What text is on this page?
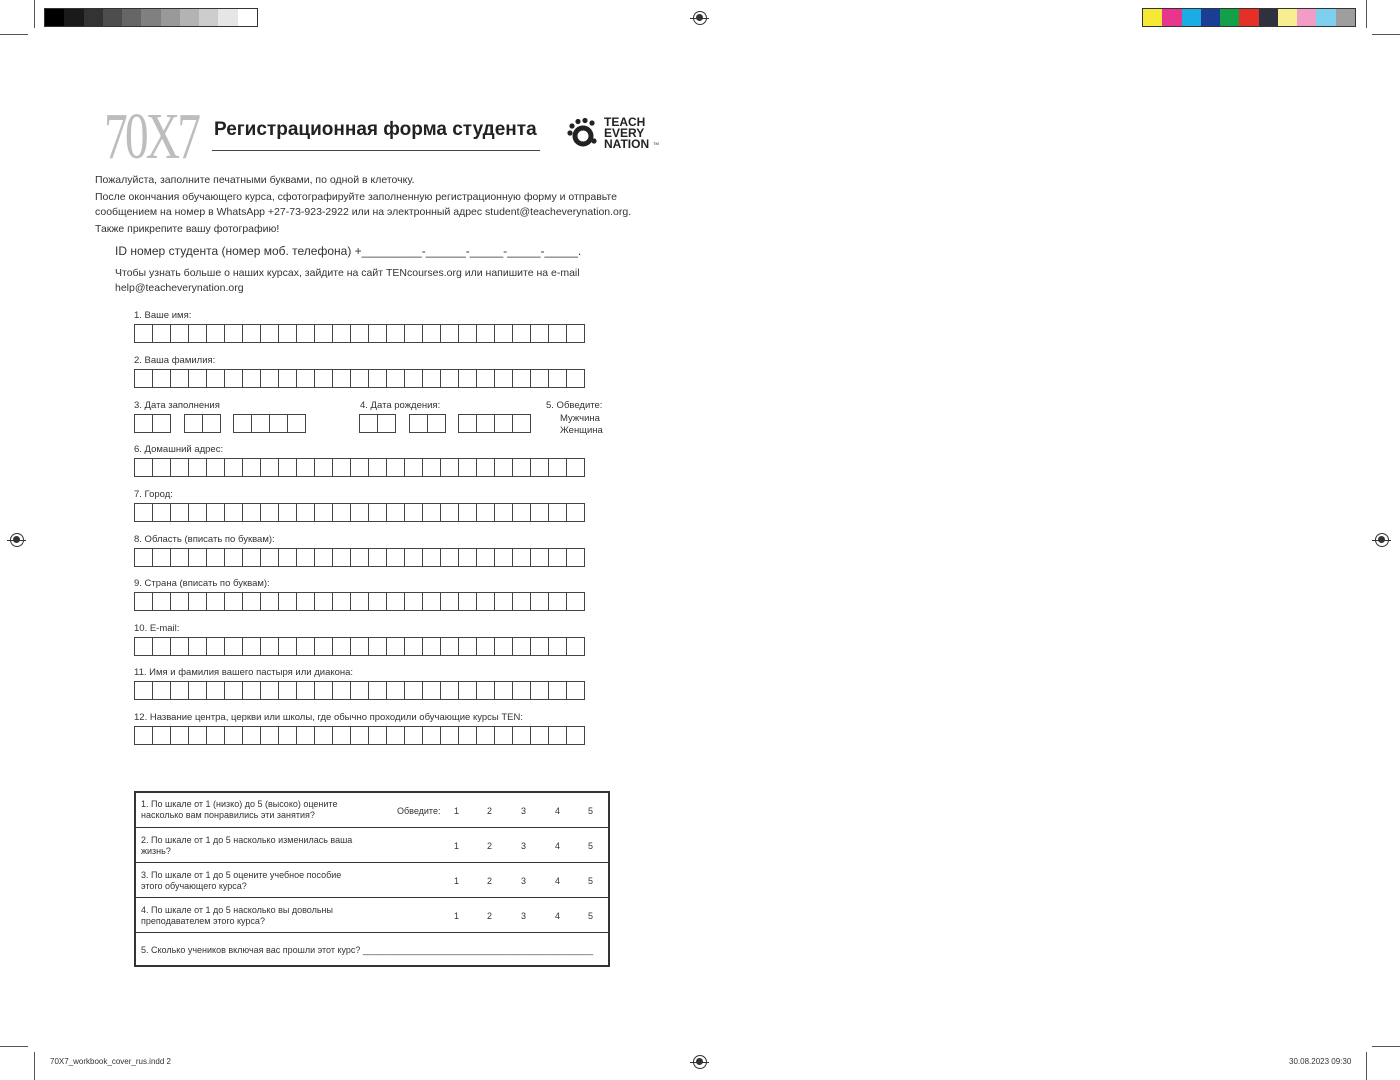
70X7 Регистрационная форма студента	TEACH
EVERY
NATION TM
Пожалуйста, заполните печатными буквами, по одной в клеточку.
После окончания обучающего курса, сфотографируйте заполненную регистрационную форму и отправьте сообщением на номер в WhatsApp +27-73-923-2922 или на электронный адрес student@teacheverynation.org.
Также прикрепите вашу фотографию!
ID номер студента (номер моб. телефона) +_________-______-_____-_____-_____.
Чтобы узнать больше о наших курсах, зайдите на сайт TENcourses.org или напишите на e-mail help@teacheverynation.org
1. Ваше имя:
2. Ваша фамилия:
3. Дата заполнения	4. Дата рождения:	5. Обведите:
Мужчина
Женщина
6. Домашний адрес:
7. Город:
8. Область (вписать по буквам):
9. Страна (вписать по буквам):
10. E-mail:
11. Имя и фамилия вашего пастыря или диакона:
12. Название центра, церкви или школы, где обычно проходили обучающие курсы TEN:
1. По шкале от 1 (низко) до 5 (высоко) оцените насколько вам понравились эти занятия?	Обведите: 1	2	3	4	5
2. По шкале от 1 до 5 насколько изменилась ваша жизнь?	1	2	3	4	5
3. По шкале от 1 до 5 оцените учебное пособие этого обучающего курса?	1	2	3	4	5
4. По шкале от 1 до 5 насколько вы довольны преподавателем этого курса?	1	2	3	4	5
5. Сколько учеников включая вас прошли этот курс? ______________________________________________
70X7_workbook_cover_rus.indd 2	30.08.2023 09:30
